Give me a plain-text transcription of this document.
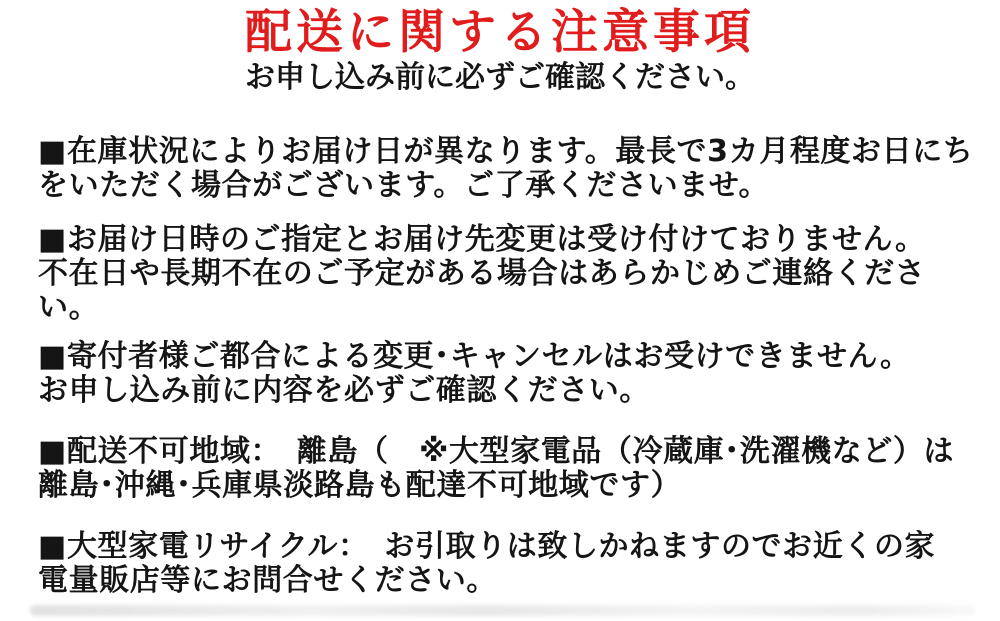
配送に関する注意事項
お申し込み前に必ずご確認ください。

■在庫状況によりお届け日が異なります。最長で3カ月程度お日にち
をいただく場合がございます。ご了承くださいませ。

■お届け日時のご指定とお届け先変更は受け付けておりません。
不在日や長期不在のご予定がある場合はあらかじめご連絡くださ
い。

■寄付者様ご都合による変更･キャンセルはお受けできません。
お申し込み前に内容を必ずご確認ください。

■配送不可地域：　離島（　※大型家電品（冷蔵庫･洗濯機など）は
離島･沖縄･兵庫県淡路島も配達不可地域です）

■大型家電リサイクル：　お引取りは致しかねますのでお近くの家
電量販店等にお問合せください。
